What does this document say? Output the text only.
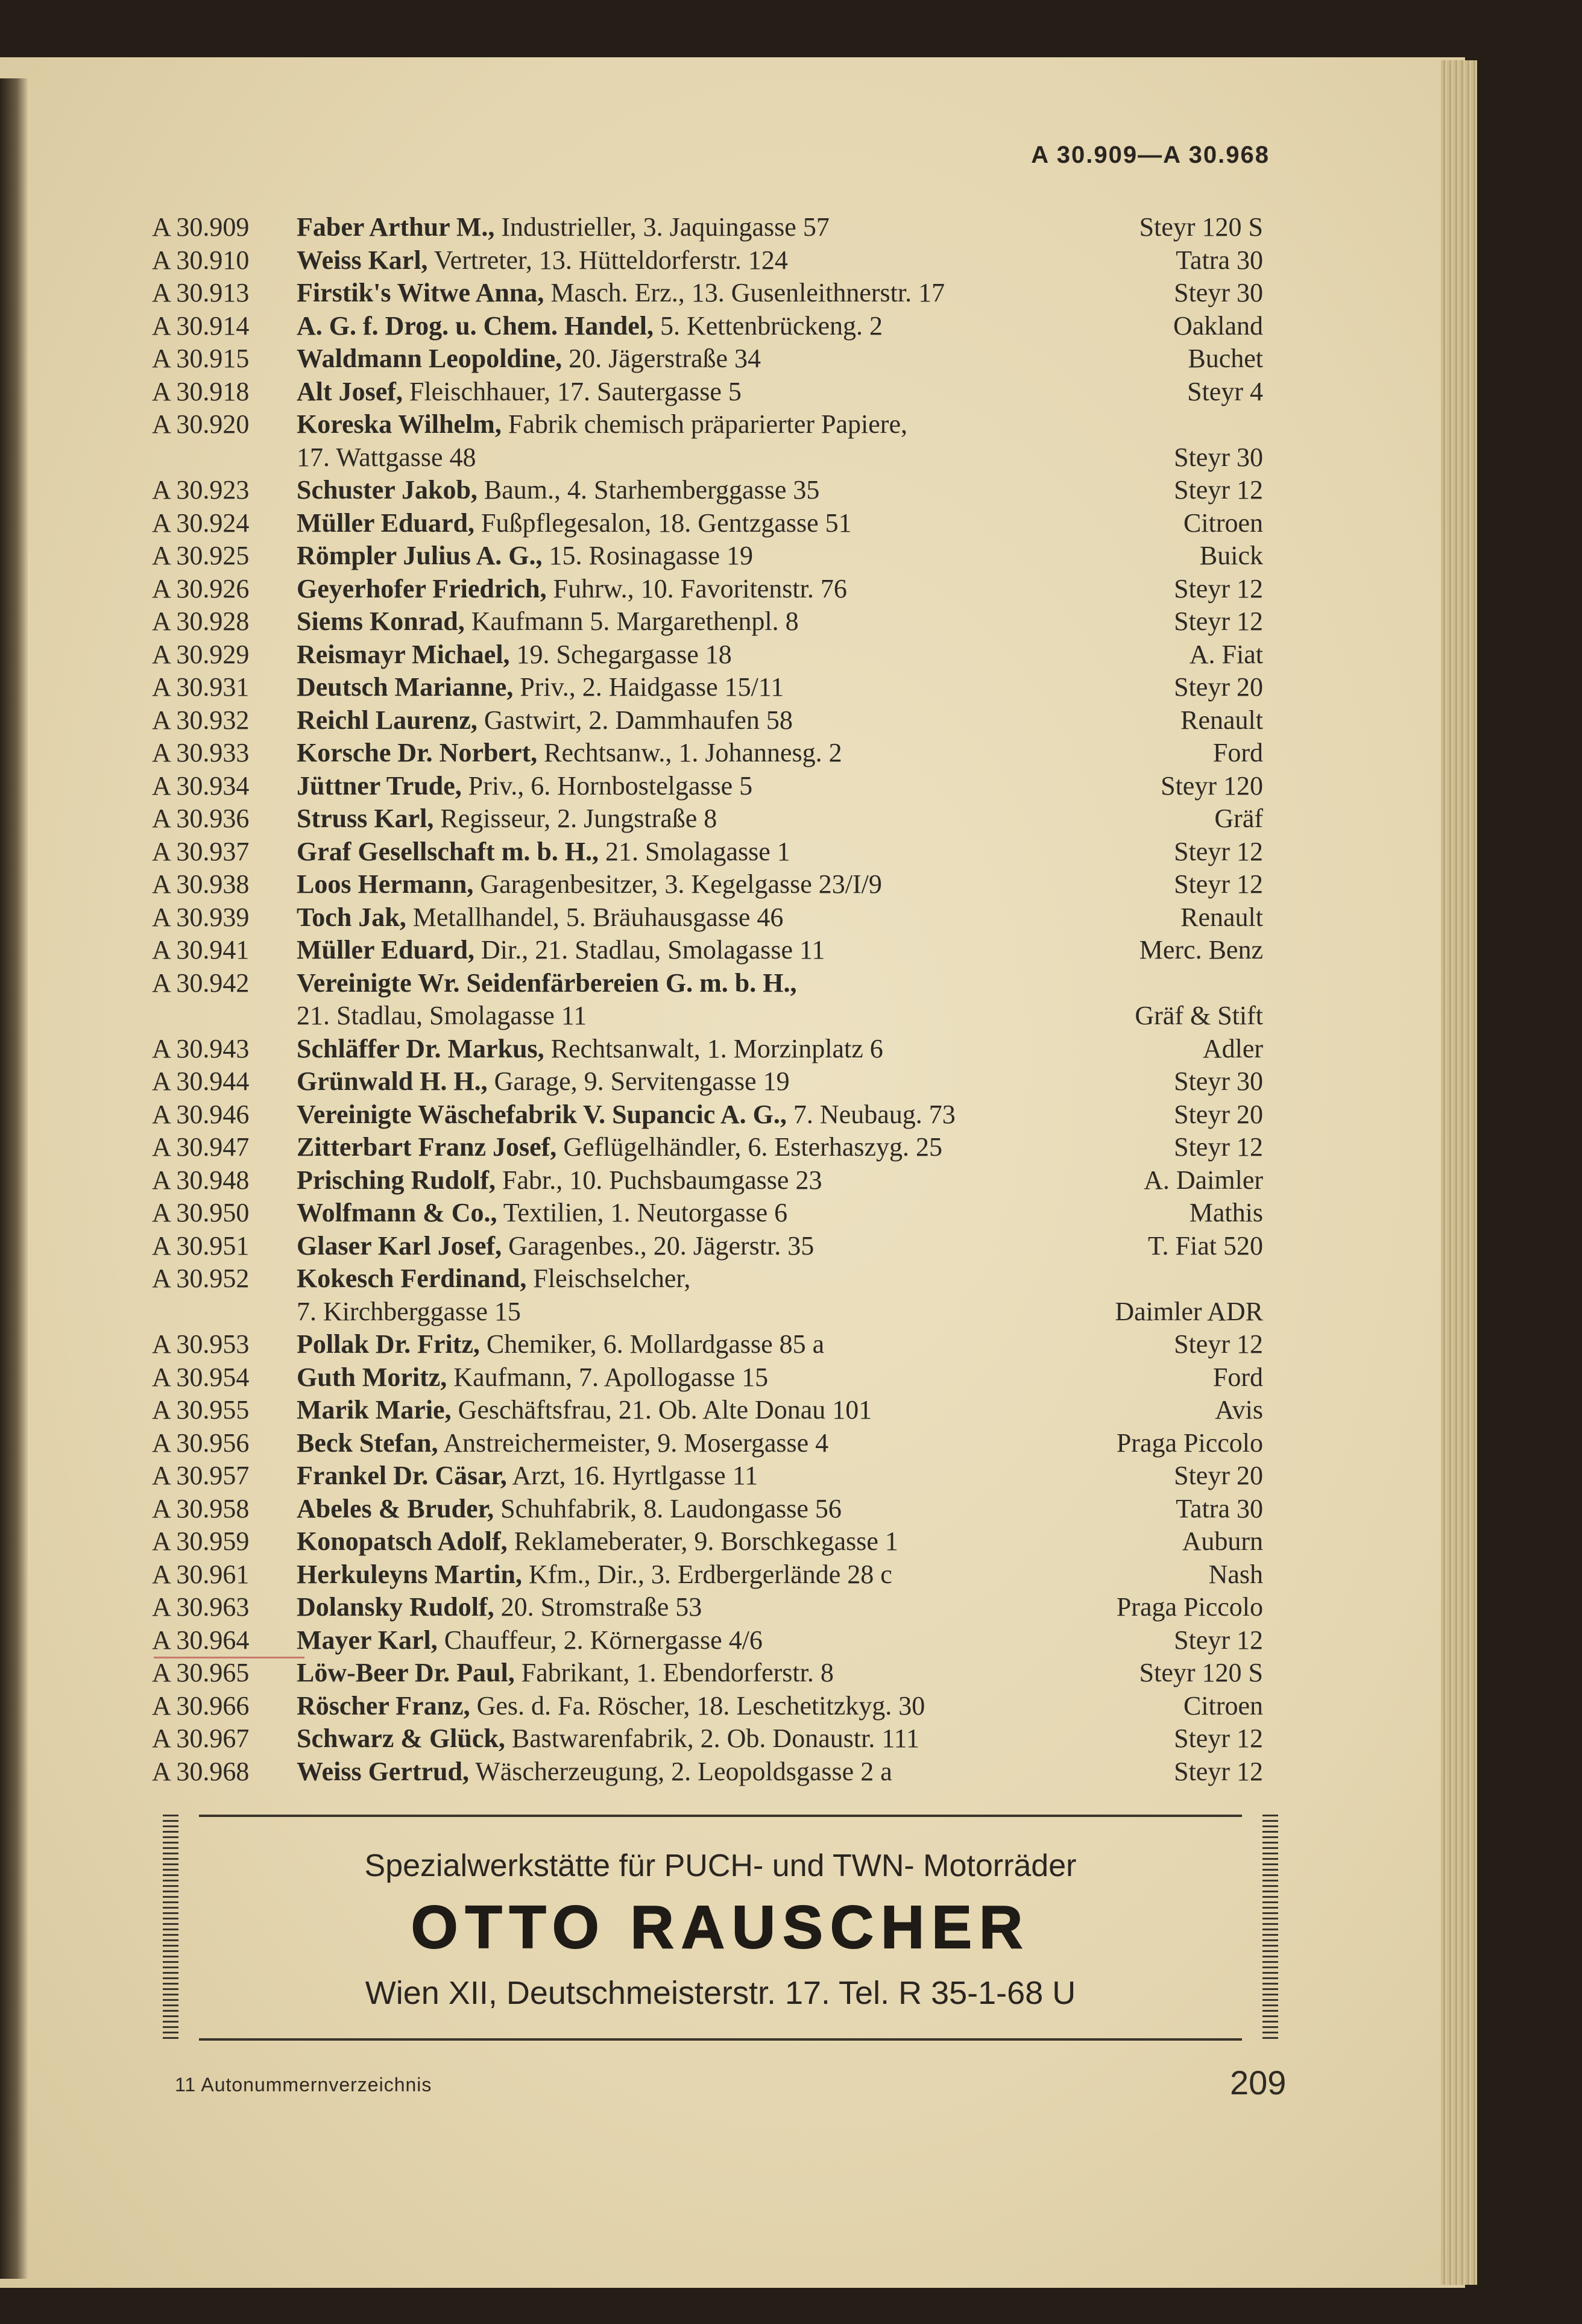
A 30.909—A 30.968
A 30.909	Faber Arthur M., Industrieller, 3. Jaquingasse 57	Steyr 120 S
A 30.910	Weiss Karl, Vertreter, 13. Hütteldorferstr. 124	Tatra 30
A 30.913	Firstik's Witwe Anna, Masch. Erz., 13. Gusenleithnerstr. 17	Steyr 30
A 30.914	A. G. f. Drog. u. Chem. Handel, 5. Kettenbrückeng. 2	Oakland
A 30.915	Waldmann Leopoldine, 20. Jägerstraße 34	Buchet
A 30.918	Alt Josef, Fleischhauer, 17. Sautergasse 5	Steyr 4
A 30.920	Koreska Wilhelm, Fabrik chemisch präparierter Papiere,
17. Wattgasse 48	Steyr 30
A 30.923	Schuster Jakob, Baum., 4. Starhemberggasse 35	Steyr 12
A 30.924	Müller Eduard, Fußpflegesalon, 18. Gentzgasse 51	Citroen
A 30.925	Römpler Julius A. G., 15. Rosinagasse 19	Buick
A 30.926	Geyerhofer Friedrich, Fuhrw., 10. Favoritenstr. 76	Steyr 12
A 30.928	Siems Konrad, Kaufmann 5. Margarethenpl. 8	Steyr 12
A 30.929	Reismayr Michael, 19. Schegargasse 18	A. Fiat
A 30.931	Deutsch Marianne, Priv., 2. Haidgasse 15/11	Steyr 20
A 30.932	Reichl Laurenz, Gastwirt, 2. Dammhaufen 58	Renault
A 30.933	Korsche Dr. Norbert, Rechtsanw., 1. Johannesg. 2	Ford
A 30.934	Jüttner Trude, Priv., 6. Hornbostelgasse 5	Steyr 120
A 30.936	Struss Karl, Regisseur, 2. Jungstraße 8	Gräf
A 30.937	Graf Gesellschaft m. b. H., 21. Smolagasse 1	Steyr 12
A 30.938	Loos Hermann, Garagenbesitzer, 3. Kegelgasse 23/I/9	Steyr 12
A 30.939	Toch Jak, Metallhandel, 5. Bräuhausgasse 46	Renault
A 30.941	Müller Eduard, Dir., 21. Stadlau, Smolagasse 11	Merc. Benz
A 30.942	Vereinigte Wr. Seidenfärbereien G. m. b. H.,
21. Stadlau, Smolagasse 11	Gräf & Stift
A 30.943	Schläffer Dr. Markus, Rechtsanwalt, 1. Morzinplatz 6	Adler
A 30.944	Grünwald H. H., Garage, 9. Servitengasse 19	Steyr 30
A 30.946	Vereinigte Wäschefabrik V. Supancic A. G., 7. Neubaug. 73	Steyr 20
A 30.947	Zitterbart Franz Josef, Geflügelhändler, 6. Esterhaszyg. 25	Steyr 12
A 30.948	Prisching Rudolf, Fabr., 10. Puchsbaumgasse 23	A. Daimler
A 30.950	Wolfmann & Co., Textilien, 1. Neutorgasse 6	Mathis
A 30.951	Glaser Karl Josef, Garagenbes., 20. Jägerstr. 35	T. Fiat 520
A 30.952	Kokesch Ferdinand, Fleischselcher,
7. Kirchberggasse 15	Daimler ADR
A 30.953	Pollak Dr. Fritz, Chemiker, 6. Mollardgasse 85 a	Steyr 12
A 30.954	Guth Moritz, Kaufmann, 7. Apollogasse 15	Ford
A 30.955	Marik Marie, Geschäftsfrau, 21. Ob. Alte Donau 101	Avis
A 30.956	Beck Stefan, Anstreichermeister, 9. Mosergasse 4	Praga Piccolo
A 30.957	Frankel Dr. Cäsar, Arzt, 16. Hyrtlgasse 11	Steyr 20
A 30.958	Abeles & Bruder, Schuhfabrik, 8. Laudongasse 56	Tatra 30
A 30.959	Konopatsch Adolf, Reklameberater, 9. Borschkegasse 1	Auburn
A 30.961	Herkuleyns Martin, Kfm., Dir., 3. Erdbergerlände 28 c	Nash
A 30.963	Dolansky Rudolf, 20. Stromstraße 53	Praga Piccolo
A 30.964	Mayer Karl, Chauffeur, 2. Körnergasse 4/6	Steyr 12
A 30.965	Löw-Beer Dr. Paul, Fabrikant, 1. Ebendorferstr. 8	Steyr 120 S
A 30.966	Röscher Franz, Ges. d. Fa. Röscher, 18. Leschetitzkyg. 30	Citroen
A 30.967	Schwarz & Glück, Bastwarenfabrik, 2. Ob. Donaustr. 111	Steyr 12
A 30.968	Weiss Gertrud, Wäscherzeugung, 2. Leopoldsgasse 2 a	Steyr 12
Spezialwerkstätte für PUCH- und TWN- Motorräder
OTTO RAUSCHER
Wien XII, Deutschmeisterstr. 17. Tel. R 35-1-68 U
11 Autonummernverzeichnis	209
